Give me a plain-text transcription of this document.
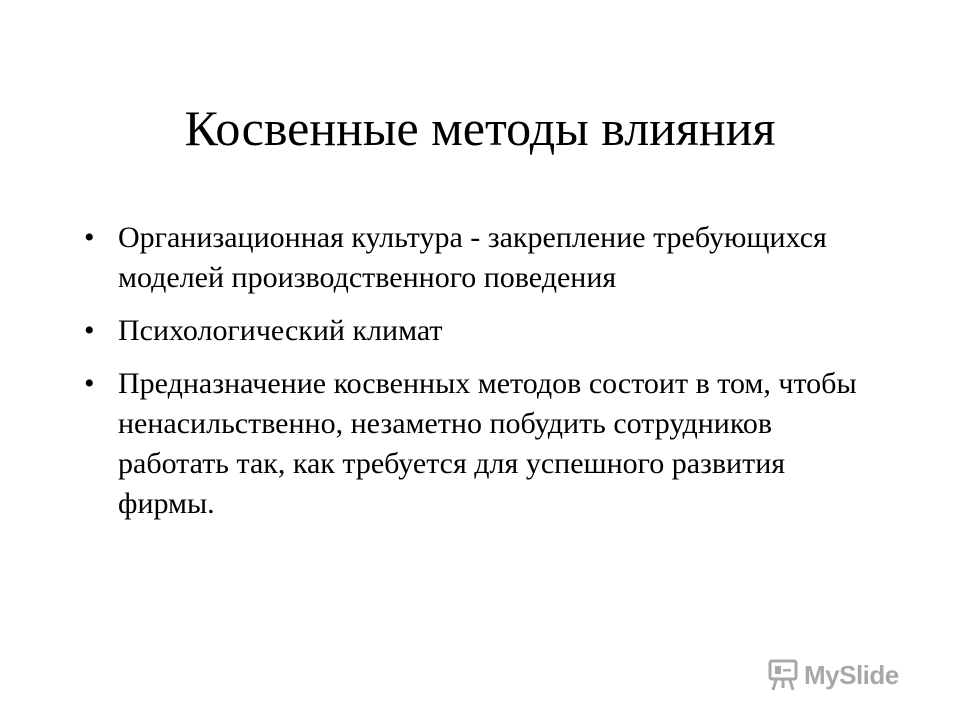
Косвенные методы влияния
• Организационная культура - закрепление требующихся моделей производственного поведения
• Психологический климат
• Предназначение косвенных методов состоит в том, чтобы ненасильственно, незаметно побудить сотрудников работать так, как требуется для успешного развития фирмы.
MySlide
